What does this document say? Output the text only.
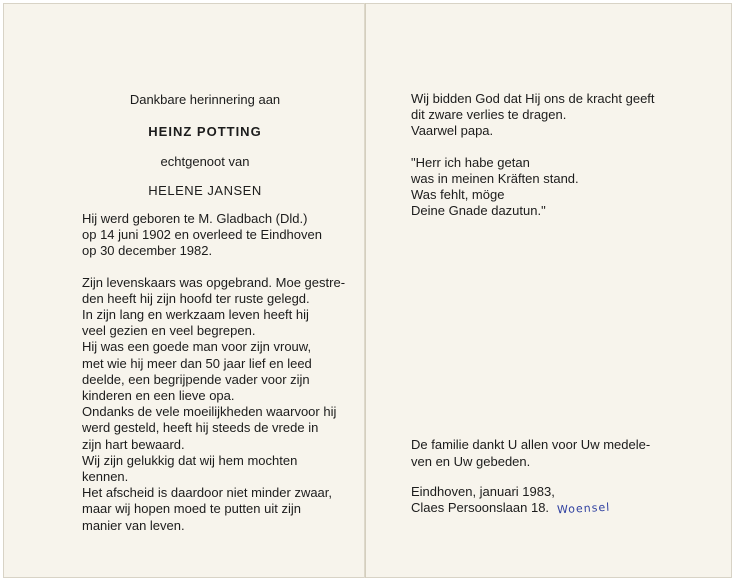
Dankbare herinnering aan
HEINZ POTTING
echtgenoot van
HELENE JANSEN
Hij werd geboren te M. Gladbach (Dld.)
op 14 juni 1902 en overleed te Eindhoven
op 30 december 1982.
Zijn levenskaars was opgebrand. Moe gestre-
den heeft hij zijn hoofd ter ruste gelegd.
In zijn lang en werkzaam leven heeft hij
veel gezien en veel begrepen.
Hij was een goede man voor zijn vrouw,
met wie hij meer dan 50 jaar lief en leed
deelde, een begrijpende vader voor zijn
kinderen en een lieve opa.
Ondanks de vele moeilijkheden waarvoor hij
werd gesteld, heeft hij steeds de vrede in
zijn hart bewaard.
Wij zijn gelukkig dat wij hem mochten
kennen.
Het afscheid is daardoor niet minder zwaar,
maar wij hopen moed te putten uit zijn
manier van leven.
Wij bidden God dat Hij ons de kracht geeft
dit zware verlies te dragen.
Vaarwel papa.
"Herr ich habe getan
was in meinen Kräften stand.
Was fehlt, möge
Deine Gnade dazutun."
De familie dankt U allen voor Uw medele-
ven en Uw gebeden.
Eindhoven, januari 1983,
Claes Persoonslaan 18. Woensel
